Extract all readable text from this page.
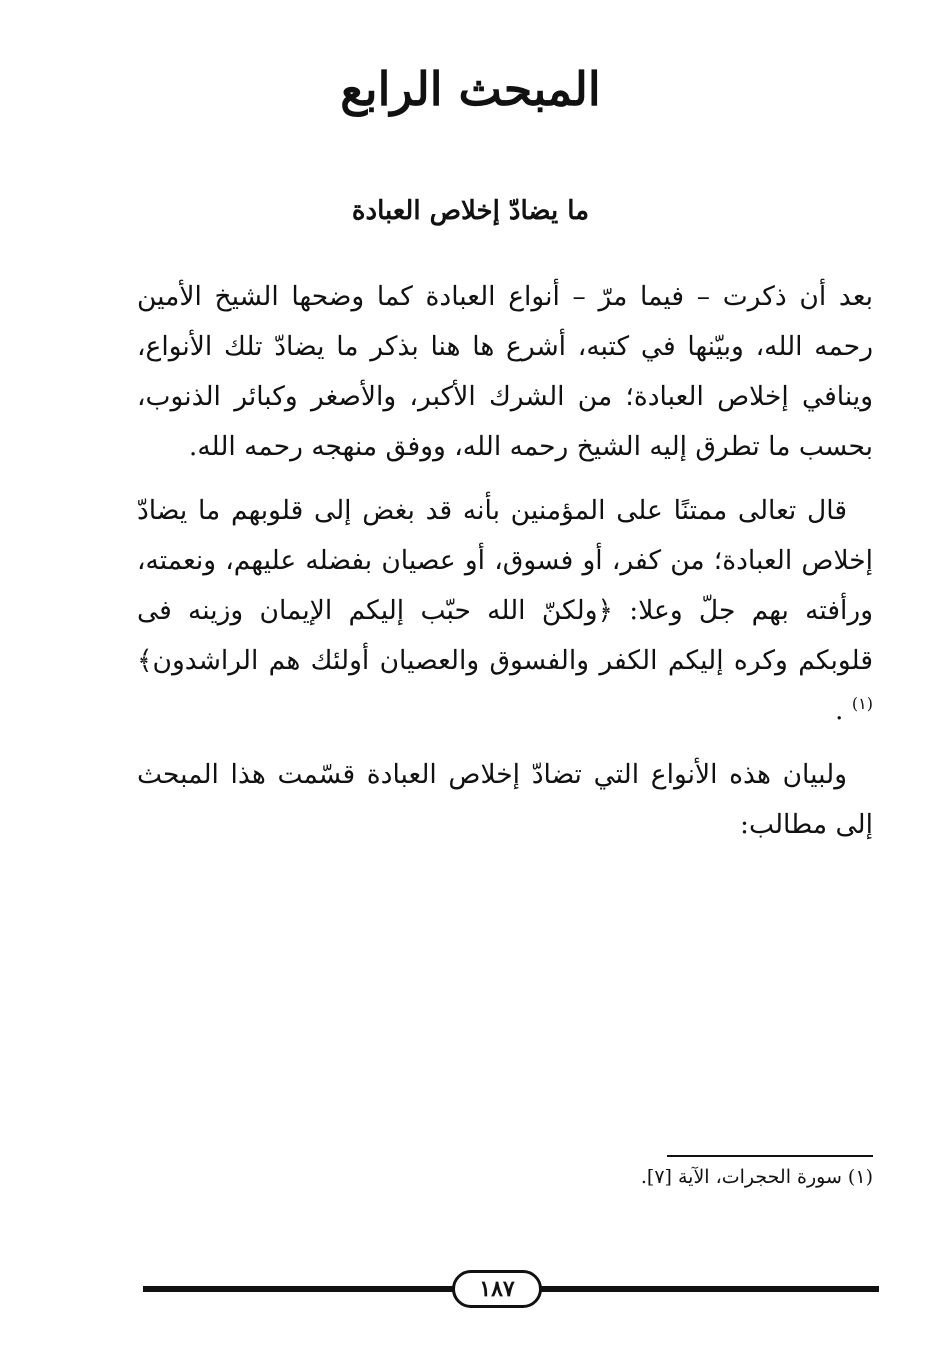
المبحث الرابع
ما يضادّ إخلاص العبادة

بعد أن ذكرت – فيما مرّ – أنواع العبادة كما وضحها الشيخ الأمين رحمه الله، وبيّنها في كتبه، أشرع ها هنا بذكر ما يضادّ تلك الأنواع، وينافي إخلاص العبادة؛ من الشرك الأكبر، والأصغر وكبائر الذنوب، بحسب ما تطرق إليه الشيخ رحمه الله، ووفق منهجه رحمه الله.

قال تعالى ممتنًا على المؤمنين بأنه قد بغض إلى قلوبهم ما يضادّ إخلاص العبادة؛ من كفر، أو فسوق، أو عصيان بفضله عليهم، ونعمته، ورأفته بهم جلّ وعلا: ﴿ولكنّ الله حبّب إليكم الإيمان وزينه فى قلوبكم وكره إليكم الكفر والفسوق والعصيان أولئك هم الراشدون﴾$^{(١)}$ .

ولبيان هذه الأنواع التي تضادّ إخلاص العبادة قسّمت هذا المبحث إلى مطالب:

(١) سورة الحجرات، الآية [٧].
١٨٧
